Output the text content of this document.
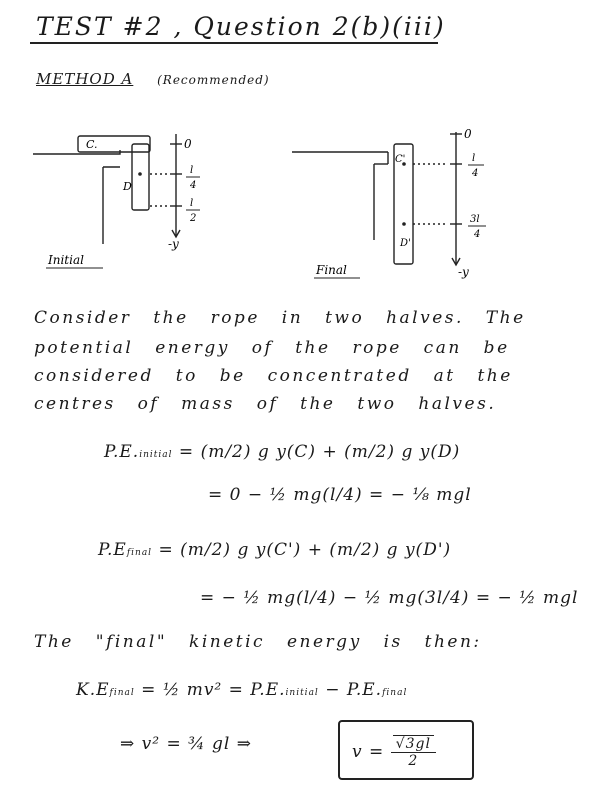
TEST #2 , Question 2(b)(iii)
METHOD A (Recommended)
C.
D
0
l
4
l
2
-y
Initial
C'
D'
0
l
4
3l
4
-y
Final
Consider the rope in two halves. The
potential energy of the rope can be
considered to be concentrated at the
centres of mass of the two halves.
P.E.initial = (m/2) g y(C) + (m/2) g y(D)
= 0 − ½ mg(l/4) = − ⅛ mgl
P.Efinal = (m/2) g y(C') + (m/2) g y(D')
= − ½ mg(l/4) − ½ mg(3l/4) = − ½ mgl
The "final" kinetic energy is then:
K.Efinal = ½ mv² = P.E.initial − P.E.final
⇒ v² = ¾ gl ⇒	$v = \frac{√3gl}{2}$
